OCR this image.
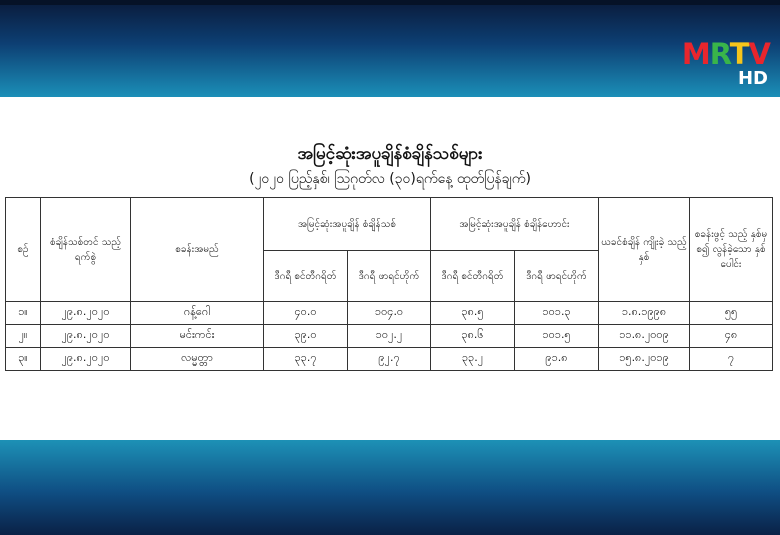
MRTV
HD
အမြင့်ဆုံးအပူချိန်စံချိန်သစ်များ
(၂၀၂၀ ပြည့်နှစ်၊ ဩဂုတ်လ (၃၀)ရက်နေ့ ထုတ်ပြန်ချက်)
စဉ်	စံချိန်သစ်တင် သည့်ရက်စွဲ	စခန်းအမည်	အမြင့်ဆုံးအပူချိန် စံချိန်သစ်		အမြင့်ဆုံးအပူချိန် စံချိန်ဟောင်း		ယခင်စံချိန် ကျိုးခဲ့ သည့်နှစ်	စခန်းဖွင့် သည့် နှစ်မှစ၍ လွန်ခဲ့သော နှစ်ပေါင်း
			ဒီဂရီ စင်တီဂရိတ်	ဒီဂရီ ဖာရင်ဟိုက်	ဒီဂရီ စင်တီဂရိတ်	ဒီဂရီ ဖာရင်ဟိုက်		
၁။	၂၉.၈.၂၀၂၀	ဂန့်ဂေါ	၄၀.၀	၁၀၄.၀	၃၈.၅	၁၀၁.၃	၁.၈.၁၉၉၈	၅၅
၂။	၂၉.၈.၂၀၂၀	မင်းကင်း	၃၉.၀	၁၀၂.၂	၃၈.၆	၁၀၁.၅	၁၁.၈.၂၀၀၉	၄၈
၃။	၂၉.၈.၂၀၂၀	လမ္မတ္တာ	၃၃.၇	၉၂.၇	၃၃.၂	၉၁.၈	၁၅.၈.၂၀၁၉	၇
